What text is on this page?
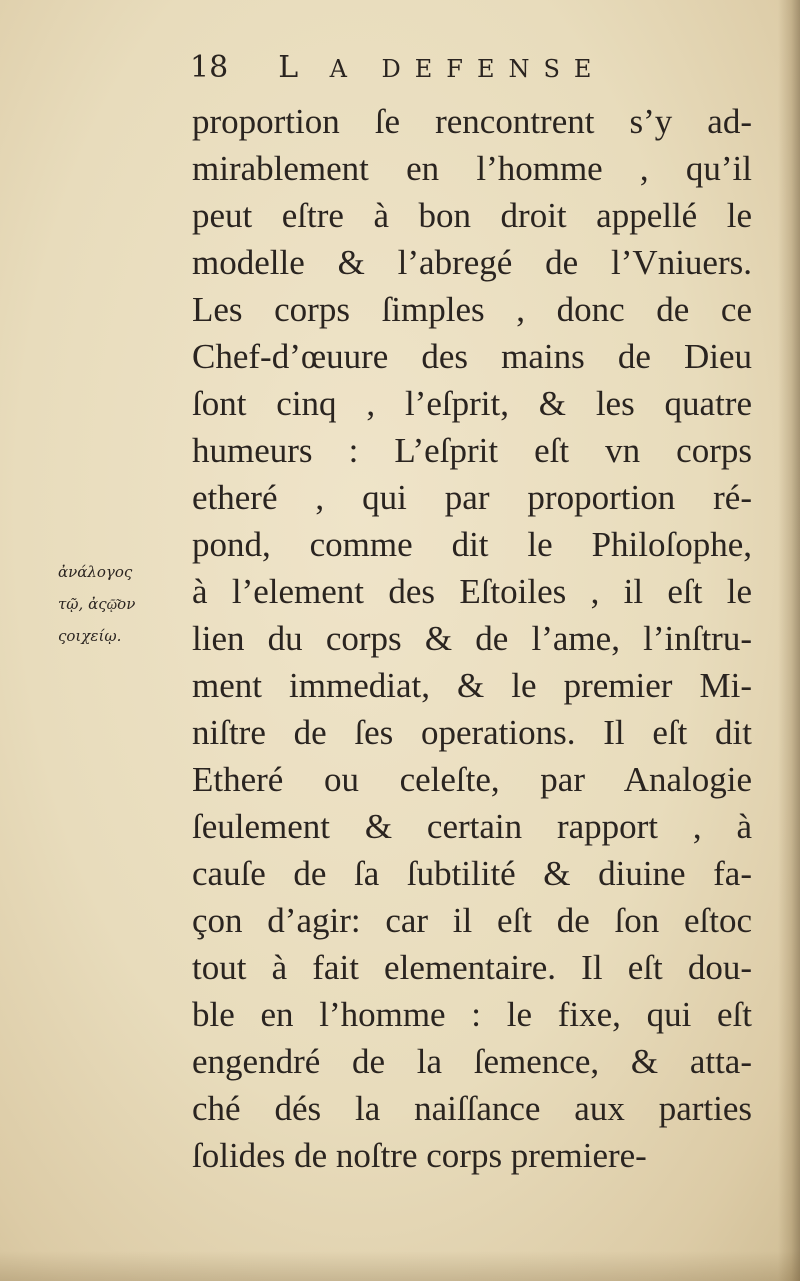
18 L A DEFENSE
ἀνάλογος
τῷ, ἀςῷ͂ον
ςοιχείῳ.
proportion ſe rencontrent s’y ad-
mirablement en l’homme , qu’il
peut eſtre à bon droit appellé le
modelle & l’abregé de l’Vniuers.
Les corps ſimples , donc de ce
Chef-d’œuure des mains de Dieu
ſont cinq , l’eſprit, & les quatre
humeurs : L’eſprit eſt vn corps
etheré , qui par proportion ré-
pond, comme dit le Philoſophe,
à l’element des Eſtoiles , il eſt le
lien du corps & de l’ame, l’inſtru-
ment immediat, & le premier Mi-
niſtre de ſes operations. Il eſt dit
Etheré ou celeſte, par Analogie
ſeulement & certain rapport , à
cauſe de ſa ſubtilité & diuine fa-
çon d’agir: car il eſt de ſon eſtoc
tout à fait elementaire. Il eſt dou-
ble en l’homme : le fixe, qui eſt
engendré de la ſemence, & atta-
ché dés la naiſſance aux parties
ſolides de noſtre corps premiere-
